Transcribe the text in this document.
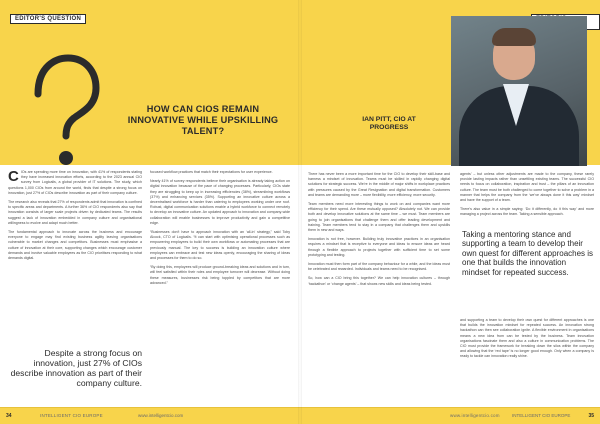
EDITOR'S QUESTION
HOW CAN CIOS REMAIN INNOVATIVE WHILE UPSKILLING TALENT?

C IOs are spending more time on innovation, with 41% of respondents stating they have increased innovation efforts, according to the 2023 annual CIO survey from Logicalis, a global provider of IT solutions. The study, which questions 1,000 CIOs from around the world, finds that despite a strong focus on innovation, just 27% of CIOs describe innovation as part of their company culture.

The research also reveals that 27% of respondents admit that innovation is confined to specific areas and departments. A further 36% of CIO respondents also say that innovation consists of larger scale projects driven by dedicated teams. The results suggest a lack of innovation embedded in company culture and organisational willingness to evolve and adapt much better.

The fundamental approach to innovate across the business and encourage everyone to engage may find existing business agility leaving organisations vulnerable to market changes and competitors. Businesses must emphasise a culture of innovation at their core, supporting changes which encourage customer demands and involve valuable employees as the CIO prioritises responding to what demands digital.

Despite a strong focus on innovation, just 27% of CIOs describe innovation as part of their company culture.

focused workflow practices that match their expectations for user experience.

Nearly 41% of survey respondents believe their organisation is already taking action on digital innovation because of the pace of changing processes. Particularly, CIOs state they are struggling to keep up in increasing efficiencies (38%), streamlining workflows (37%) and enhancing services (35%). Supporting an innovative culture across a decentralised workforce is harder than catering to employees working under one roof. Robust, digital communication solutions enable a hybrid workforce to connect remotely to develop an innovative culture. An updated approach to innovation and company-wide collaboration will enable businesses to improve productivity and gain a competitive edge.

“Businesses don’t have to approach innovation with an ‘all-in’ strategy,” said Toby Alcock, CTO of Logicalis. “It can start with optimising operational processes such as empowering employees to build their own workflows or automating processes that are previously manual. The key to success is building an innovation culture where employees can embrace and test new ideas openly, encouraging the sharing of ideas and processes for them to do so.

“By doing this, employees will produce ground-breaking ideas and solutions and in turn, will feel satisfied within their roles and employee turnover will decrease. Without doing these measures, businesses risk being toppled by competitors that are more advanced.”

34	INTELLIGENT CIO EUROPE	www.intelligentcio.com
IAN PITT, CIO AT PROGRESS

There has never been a more important time for the CIO to develop their skill-base and harness a mindset of innovation. Teams must be skilled in rapidly changing digital solutions for strategic success. We're in the middle of major shifts in workplace practices with pressures caused by the Great Resignation and digital transformation. Customers and teams are demanding more – more flexibility, more efficiency, more security.

Team members need more interesting things to work on and companies want more efficiency for their spend. Are these mutually opposed? Absolutely not. We can provide both and develop innovative solutions at the same time – we must. Team members are going to join organisations that challenge them and offer leading development and training. Team members tend to stay in a company that challenges them and upskills them in new and ways.

Innovation is not free, however. Building truly innovative practices in an organisation requires a mindset that is receptive to everyone and ideas to ensure ideas are heard through a flexible approach to projects together with sufficient time to set some prototyping and testing.

Innovation must then form part of the company behaviour for a while, and the ideas must be celebrated and rewarded. Individuals and teams need to be recognised.

So, how can a CIO bring this together? We can help innovation cultures – through ‘hackathon’ or ‘change agents’ – that shows new skills and ideas being tested.

agents’ – but unless other adjustments are made to the company, these rarely provide lasting impacts rather than unsettling existing teams. The successful CIO needs to focus on collaboration, inspiration and trust – the pillars of an innovation culture. The team must be both challenged to come together to solve a problem in a manner that helps the company from the ‘we’ve always done it this way’ mindset and have the support of a team.

There’s also value in a simple saying: ‘Do it differently, do it this way’ and more managing a project across the team. Taking a sensible approach.

Taking a mentoring stance and supporting a team to develop their own quest for different approaches is one that builds the innovation mindset for repeated success.

and supporting a team to develop their own quest for different approaches is one that builds the innovation mindset for repeated success. An innovation strong hackathon can then see collaboration ignite. A flexible environment in organisations means a new idea from can be tested by the business. Team innovation organisations fascinate them and also a culture in communication problems. The CIO must provide the framework for breaking down the silos within the company and allowing that the ‘red tape’ is no longer good enough. Only when a company is ready to tackle can innovation really shine.

www.intelligentcio.com	INTELLIGENT CIO EUROPE	35
